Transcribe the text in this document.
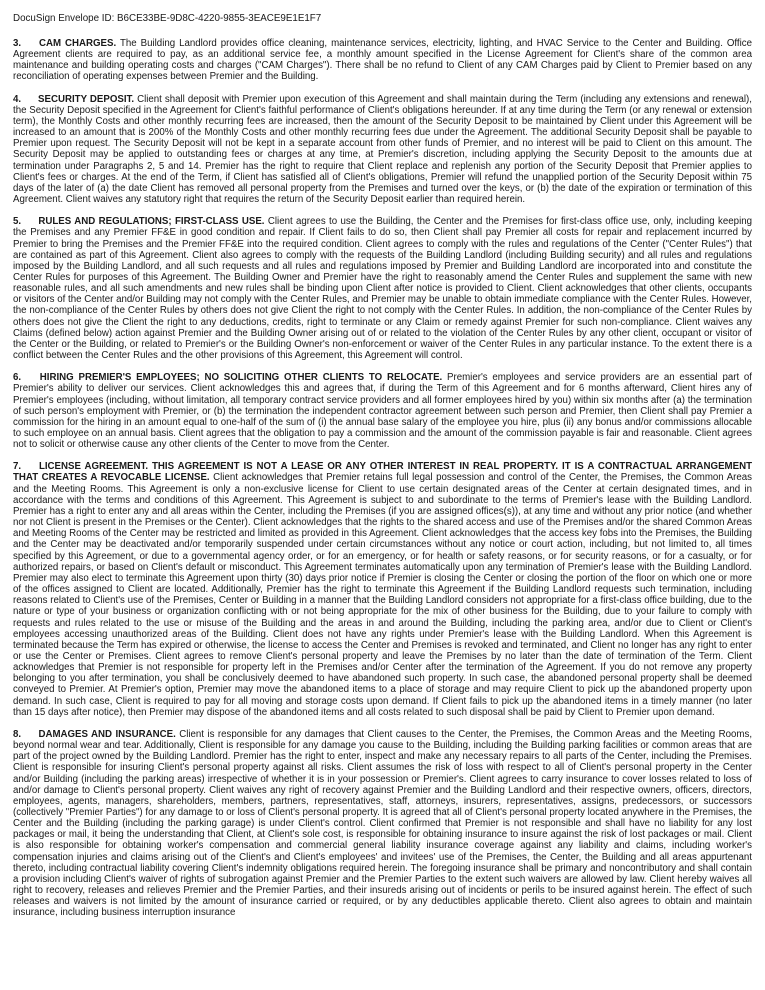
DocuSign Envelope ID: B6CE33BE-9D8C-4220-9855-3EACE9E1E1F7

3. CAM CHARGES. The Building Landlord provides office cleaning, maintenance services, electricity, lighting, and HVAC Service to the Center and Building. Office Agreement clients are required to pay, as an additional service fee, a monthly amount specified in the License Agreement for Client's share of the common area maintenance and building operating costs and charges ("CAM Charges"). There shall be no refund to Client of any CAM Charges paid by Client to Premier based on any reconciliation of operating expenses between Premier and the Building.

4. SECURITY DEPOSIT. Client shall deposit with Premier upon execution of this Agreement and shall maintain during the Term (including any extensions and renewal), the Security Deposit specified in the Agreement for Client's faithful performance of Client's obligations hereunder. If at any time during the Term (or any renewal or extension term), the Monthly Costs and other monthly recurring fees are increased, then the amount of the Security Deposit to be maintained by Client under this Agreement will be increased to an amount that is 200% of the Monthly Costs and other monthly recurring fees due under the Agreement. The additional Security Deposit shall be payable to Premier upon request. The Security Deposit will not be kept in a separate account from other funds of Premier, and no interest will be paid to Client on this amount. The Security Deposit may be applied to outstanding fees or charges at any time, at Premier's discretion, including applying the Security Deposit to the amounts due at termination under Paragraphs 2, 5 and 14. Premier has the right to require that Client replace and replenish any portion of the Security Deposit that Premier applies to Client's fees or charges. At the end of the Term, if Client has satisfied all of Client's obligations, Premier will refund the unapplied portion of the Security Deposit within 75 days of the later of (a) the date Client has removed all personal property from the Premises and turned over the keys, or (b) the date of the expiration or termination of this Agreement. Client waives any statutory right that requires the return of the Security Deposit earlier than required herein.

5. RULES AND REGULATIONS; FIRST-CLASS USE. Client agrees to use the Building, the Center and the Premises for first-class office use, only, including keeping the Premises and any Premier FF&E in good condition and repair. If Client fails to do so, then Client shall pay Premier all costs for repair and replacement incurred by Premier to bring the Premises and the Premier FF&E into the required condition. Client agrees to comply with the rules and regulations of the Center ("Center Rules") that are contained as part of this Agreement. Client also agrees to comply with the requests of the Building Landlord (including Building security) and all rules and regulations imposed by the Building Landlord, and all such requests and all rules and regulations imposed by Premier and Building Landlord are incorporated into and constitute the Center Rules for purposes of this Agreement. The Building Owner and Premier have the right to reasonably amend the Center Rules and supplement the same with new reasonable rules, and all such amendments and new rules shall be binding upon Client after notice is provided to Client. Client acknowledges that other clients, occupants or visitors of the Center and/or Building may not comply with the Center Rules, and Premier may be unable to obtain immediate compliance with the Center Rules. However, the non-compliance of the Center Rules by others does not give Client the right to not comply with the Center Rules. In addition, the non-compliance of the Center Rules by others does not give the Client the right to any deductions, credits, right to terminate or any Claim or remedy against Premier for such non-compliance. Client waives any Claims (defined below) action against Premier and the Building Owner arising out of or related to the violation of the Center Rules by any other client, occupant or visitor of the Center or the Building, or related to Premier's or the Building Owner's non-enforcement or waiver of the Center Rules in any particular instance. To the extent there is a conflict between the Center Rules and the other provisions of this Agreement, this Agreement will control.

6. HIRING PREMIER'S EMPLOYEES; NO SOLICITING OTHER CLIENTS TO RELOCATE. Premier's employees and service providers are an essential part of Premier's ability to deliver our services. Client acknowledges this and agrees that, if during the Term of this Agreement and for 6 months afterward, Client hires any of Premier's employees (including, without limitation, all temporary contract service providers and all former employees hired by you) within six months after (a) the termination of such person's employment with Premier, or (b) the termination the independent contractor agreement between such person and Premier, then Client shall pay Premier a commission for the hiring in an amount equal to one-half of the sum of (i) the annual base salary of the employee you hire, plus (ii) any bonus and/or commissions allocable to such employee on an annual basis. Client agrees that the obligation to pay a commission and the amount of the commission payable is fair and reasonable. Client agrees not to solicit or otherwise cause any other clients of the Center to move from the Center.

7. LICENSE AGREEMENT. THIS AGREEMENT IS NOT A LEASE OR ANY OTHER INTEREST IN REAL PROPERTY. IT IS A CONTRACTUAL ARRANGEMENT THAT CREATES A REVOCABLE LICENSE. Client acknowledges that Premier retains full legal possession and control of the Center, the Premises, the Common Areas and the Meeting Rooms. This Agreement is only a non-exclusive license for Client to use certain designated areas of the Center at certain designated times, and in accordance with the terms and conditions of this Agreement. This Agreement is subject to and subordinate to the terms of Premier's lease with the Building Landlord. Premier has a right to enter any and all areas within the Center, including the Premises (if you are assigned offices(s)), at any time and without any prior notice (and whether nor not Client is present in the Premises or the Center). Client acknowledges that the rights to the shared access and use of the Premises and/or the shared Common Areas and Meeting Rooms of the Center may be restricted and limited as provided in this Agreement. Client acknowledges that the access key fobs into the Premises, the Building and the Center may be deactivated and/or temporarily suspended under certain circumstances without any notice or court action, including, but not limited to, all times specified by this Agreement, or due to a governmental agency order, or for an emergency, or for health or safety reasons, or for security reasons, or for a casualty, or for authorized repairs, or based on Client's default or misconduct. This Agreement terminates automatically upon any termination of Premier's lease with the Building Landlord. Premier may also elect to terminate this Agreement upon thirty (30) days prior notice if Premier is closing the Center or closing the portion of the floor on which one or more of the offices assigned to Client are located. Additionally, Premier has the right to terminate this Agreement if the Building Landlord requests such termination, including reasons related to Client's use of the Premises, Center or Building in a manner that the Building Landlord considers not appropriate for a first-class office building, due to the nature or type of your business or organization conflicting with or not being appropriate for the mix of other business for the Building, due to your failure to comply with requests and rules related to the use or misuse of the Building and the areas in and around the Building, including the parking area, and/or due to Client or Client's employees accessing unauthorized areas of the Building. Client does not have any rights under Premier's lease with the Building Landlord. When this Agreement is terminated because the Term has expired or otherwise, the license to access the Center and Premises is revoked and terminated, and Client no longer has any right to enter or use the Center or Premises. Client agrees to remove Client's personal property and leave the Premises by no later than the date of termination of the Term. Client acknowledges that Premier is not responsible for property left in the Premises and/or Center after the termination of the Agreement. If you do not remove any property belonging to you after termination, you shall be conclusively deemed to have abandoned such property. In such case, the abandoned personal property shall be deemed conveyed to Premier. At Premier's option, Premier may move the abandoned items to a place of storage and may require Client to pick up the abandoned property upon demand. In such case, Client is required to pay for all moving and storage costs upon demand. If Client fails to pick up the abandoned items in a timely manner (no later than 15 days after notice), then Premier may dispose of the abandoned items and all costs related to such disposal shall be paid by Client to Premier upon demand.

8. DAMAGES AND INSURANCE. Client is responsible for any damages that Client causes to the Center, the Premises, the Common Areas and the Meeting Rooms, beyond normal wear and tear. Additionally, Client is responsible for any damage you cause to the Building, including the Building parking facilities or common areas that are part of the project owned by the Building Landlord. Premier has the right to enter, inspect and make any necessary repairs to all parts of the Center, including the Premises. Client is responsible for insuring Client's personal property against all risks. Client assumes the risk of loss with respect to all of Client's personal property in the Center and/or Building (including the parking areas) irrespective of whether it is in your possession or Premier's. Client agrees to carry insurance to cover losses related to loss of and/or damage to Client's personal property. Client waives any right of recovery against Premier and the Building Landlord and their respective owners, officers, directors, employees, agents, managers, shareholders, members, partners, representatives, staff, attorneys, insurers, representatives, assigns, predecessors, or successors (collectively "Premier Parties") for any damage to or loss of Client's personal property. It is agreed that all of Client's personal property located anywhere in the Premises, the Center and the Building (including the parking garage) is under Client's control. Client confirmed that Premier is not responsible and shall have no liability for any lost packages or mail, it being the understanding that Client, at Client's sole cost, is responsible for obtaining insurance to insure against the risk of lost packages or mail. Client is also responsible for obtaining worker's compensation and commercial general liability insurance coverage against any liability and claims, including worker's compensation injuries and claims arising out of the Client's and Client's employees' and invitees' use of the Premises, the Center, the Building and all areas appurtenant thereto, including contractual liability covering Client's indemnity obligations required herein. The foregoing insurance shall be primary and noncontributory and shall contain a provision including Client's waiver of rights of subrogation against Premier and the Premier Parties to the extent such waivers are allowed by law. Client hereby waives all right to recovery, releases and relieves Premier and the Premier Parties, and their insureds arising out of incidents or perils to be insured against herein. The effect of such releases and waivers is not limited by the amount of insurance carried or required, or by any deductibles applicable thereto. Client also agrees to obtain and maintain insurance, including business interruption insurance
